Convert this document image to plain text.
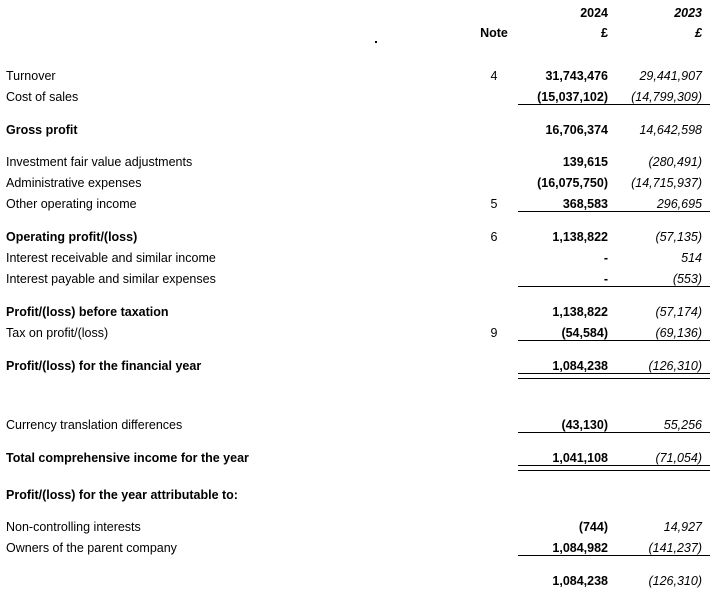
		2024	2023
	Note	£	£

Turnover	4	31,743,476	29,441,907
Cost of sales		(15,037,102)	(14,799,309)

Gross profit		16,706,374	14,642,598

Investment fair value adjustments		139,615	(280,491)
Administrative expenses		(16,075,750)	(14,715,937)
Other operating income	5	368,583	296,695

Operating profit/(loss)	6	1,138,822	(57,135)
Interest receivable and similar income		-	514
Interest payable and similar expenses		-	(553)

Profit/(loss) before taxation		1,138,822	(57,174)
Tax on profit/(loss)	9	(54,584)	(69,136)

Profit/(loss) for the financial year		1,084,238	(126,310)

Currency translation differences		(43,130)	55,256

Total comprehensive income for the year		1,041,108	(71,054)

Profit/(loss) for the year attributable to:			

Non-controlling interests		(744)	14,927
Owners of the parent company		1,084,982	(141,237)

		1,084,238	(126,310)
